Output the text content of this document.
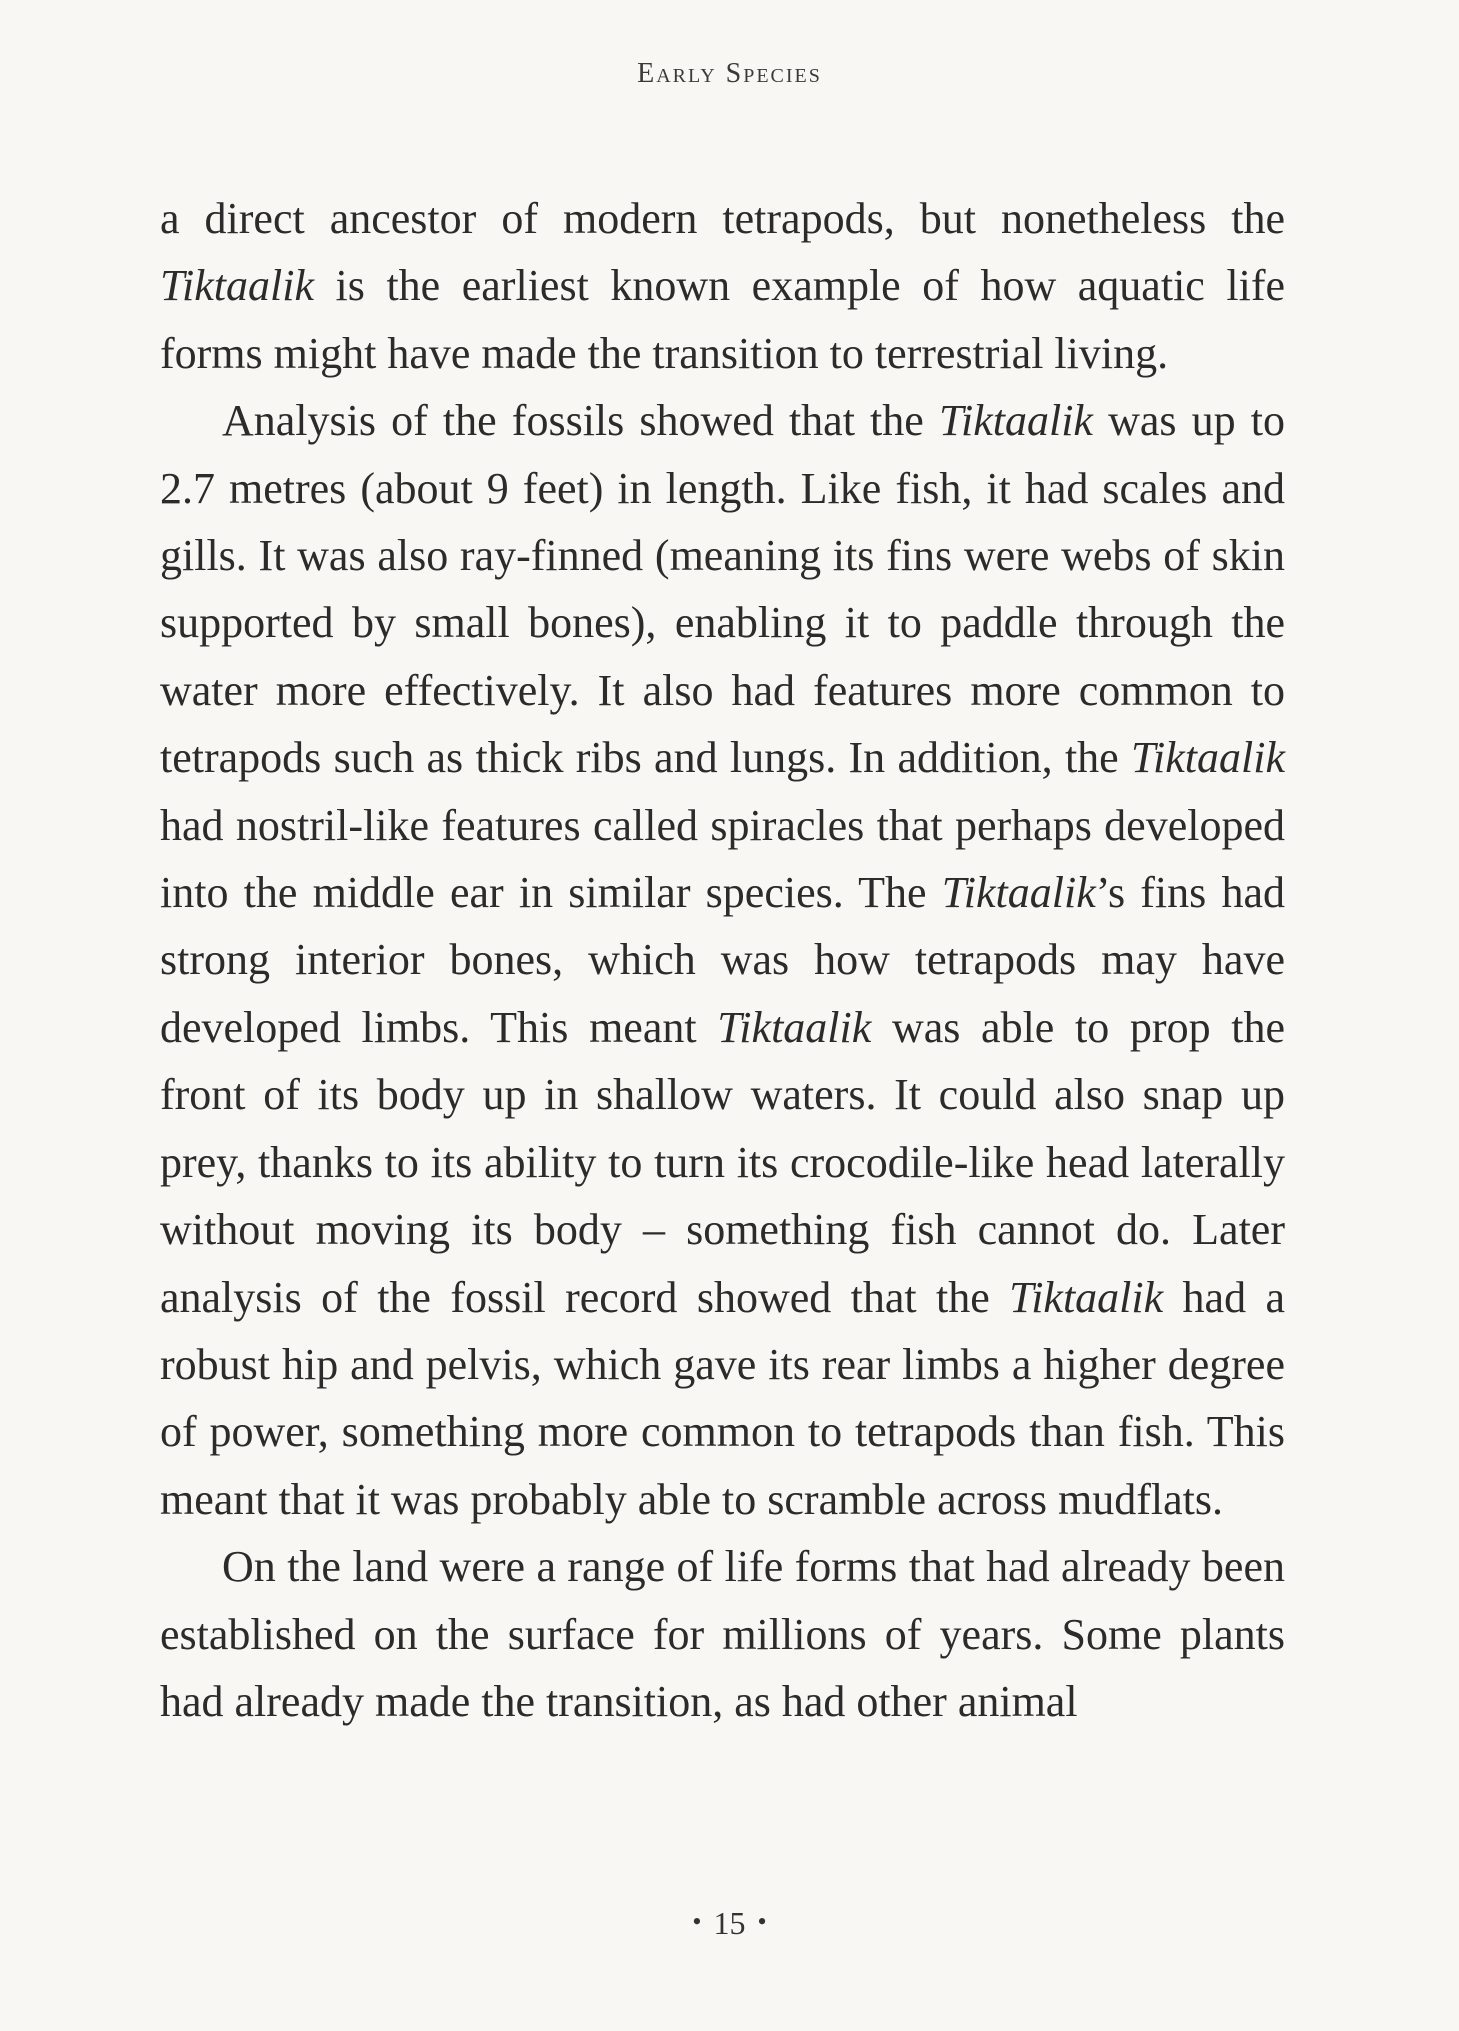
Early Species

a direct ancestor of modern tetrapods, but nonetheless the Tiktaalik is the earliest known example of how aquatic life forms might have made the transition to terrestrial living.

Analysis of the fossils showed that the Tiktaalik was up to 2.7 metres (about 9 feet) in length. Like fish, it had scales and gills. It was also ray-finned (meaning its fins were webs of skin supported by small bones), enabling it to paddle through the water more effectively. It also had features more common to tetrapods such as thick ribs and lungs. In addition, the Tiktaalik had nostril-like features called spiracles that perhaps developed into the middle ear in similar species. The Tiktaalik’s fins had strong interior bones, which was how tetrapods may have developed limbs. This meant Tiktaalik was able to prop the front of its body up in shallow waters. It could also snap up prey, thanks to its ability to turn its crocodile-like head laterally without moving its body – something fish cannot do. Later analysis of the fossil record showed that the Tiktaalik had a robust hip and pelvis, which gave its rear limbs a higher degree of power, something more common to tetrapods than fish. This meant that it was probably able to scramble across mudflats.

On the land were a range of life forms that had already been established on the surface for millions of years. Some plants had already made the transition, as had other animal

• 15 •
